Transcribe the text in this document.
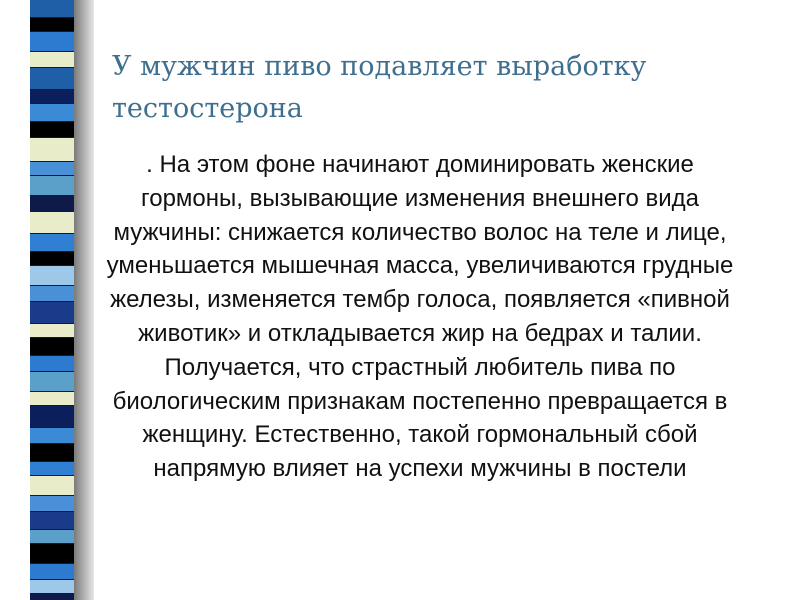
У мужчин пиво подавляет выработку тестостерона

. На этом фоне начинают доминировать женские гормоны, вызывающие изменения внешнего вида мужчины: снижается количество волос на теле и лице, уменьшается мышечная масса, увеличиваются грудные железы, изменяется тембр голоса, появляется «пивной животик» и откладывается жир на бедрах и талии. Получается, что страстный любитель пива по биологическим признакам постепенно превращается в женщину. Естественно, такой гормональный сбой напрямую влияет на успехи мужчины в постели
